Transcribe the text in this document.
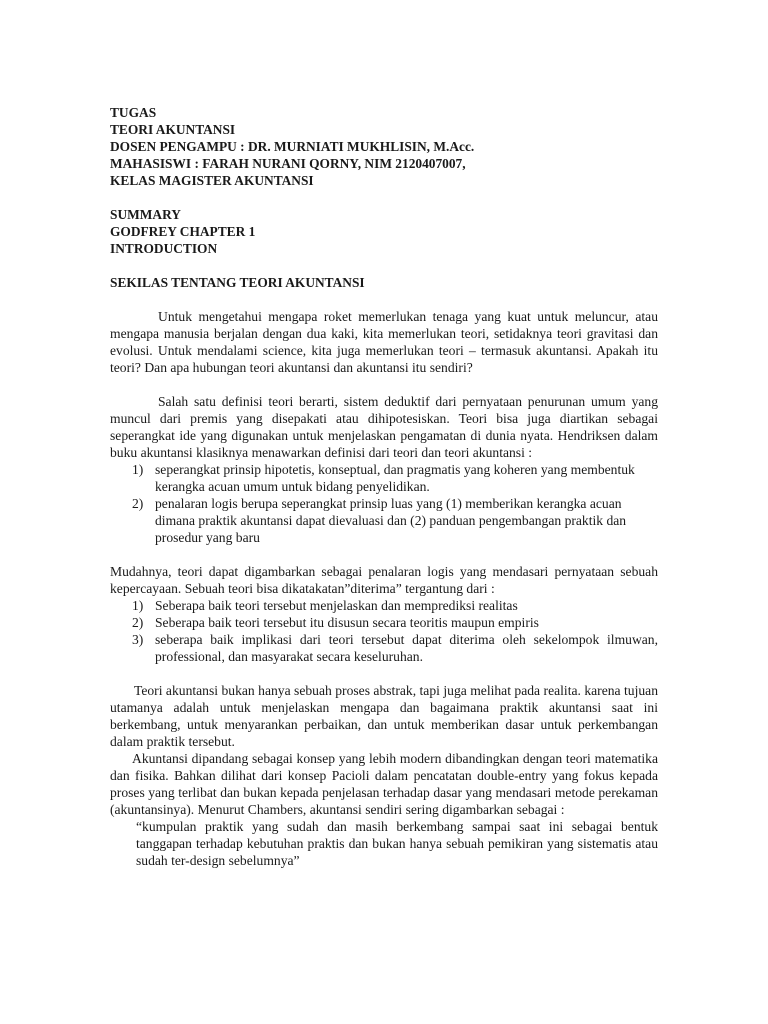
TUGAS
TEORI AKUNTANSI
DOSEN PENGAMPU : DR. MURNIATI MUKHLISIN, M.Acc.
MAHASISWI : FARAH NURANI QORNY, NIM 2120407007,
KELAS MAGISTER AKUNTANSI
SUMMARY
GODFREY CHAPTER 1
INTRODUCTION
SEKILAS TENTANG TEORI AKUNTANSI

Untuk mengetahui mengapa roket memerlukan tenaga yang kuat untuk meluncur, atau mengapa manusia berjalan dengan dua kaki, kita memerlukan teori, setidaknya teori gravitasi dan evolusi. Untuk mendalami science, kita juga memerlukan teori – termasuk akuntansi. Apakah itu teori? Dan apa hubungan teori akuntansi dan akuntansi itu sendiri?

Salah satu definisi teori berarti, sistem deduktif dari pernyataan penurunan umum yang muncul dari premis yang disepakati atau dihipotesiskan. Teori bisa juga diartikan sebagai seperangkat ide yang digunakan untuk menjelaskan pengamatan di dunia nyata. Hendriksen dalam buku akuntansi klasiknya menawarkan definisi dari teori dan teori akuntansi :

1) seperangkat prinsip hipotetis, konseptual, dan pragmatis yang koheren yang membentuk kerangka acuan umum untuk bidang penyelidikan.
2) penalaran logis berupa seperangkat prinsip luas yang (1) memberikan kerangka acuan dimana praktik akuntansi dapat dievaluasi dan (2) panduan pengembangan praktik dan prosedur yang baru

Mudahnya, teori dapat digambarkan sebagai penalaran logis yang mendasari pernyataan sebuah kepercayaan. Sebuah teori bisa dikatakatan”diterima” tergantung dari :

1) Seberapa baik teori tersebut menjelaskan dan memprediksi realitas
2) Seberapa baik teori tersebut itu disusun secara teoritis maupun empiris
3) seberapa baik implikasi dari teori tersebut dapat diterima oleh sekelompok ilmuwan, professional, dan masyarakat secara keseluruhan.

Teori akuntansi bukan hanya sebuah proses abstrak, tapi juga melihat pada realita. karena tujuan utamanya adalah untuk menjelaskan mengapa dan bagaimana praktik akuntansi saat ini berkembang, untuk menyarankan perbaikan, dan untuk memberikan dasar untuk perkembangan dalam praktik tersebut.

Akuntansi dipandang sebagai konsep yang lebih modern dibandingkan dengan teori matematika dan fisika. Bahkan dilihat dari konsep Pacioli dalam pencatatan double-entry yang fokus kepada proses yang terlibat dan bukan kepada penjelasan terhadap dasar yang mendasari metode perekaman (akuntansinya). Menurut Chambers, akuntansi sendiri sering digambarkan sebagai :

“kumpulan praktik yang sudah dan masih berkembang sampai saat ini sebagai bentuk tanggapan terhadap kebutuhan praktis dan bukan hanya sebuah pemikiran yang sistematis atau sudah ter-design sebelumnya”
